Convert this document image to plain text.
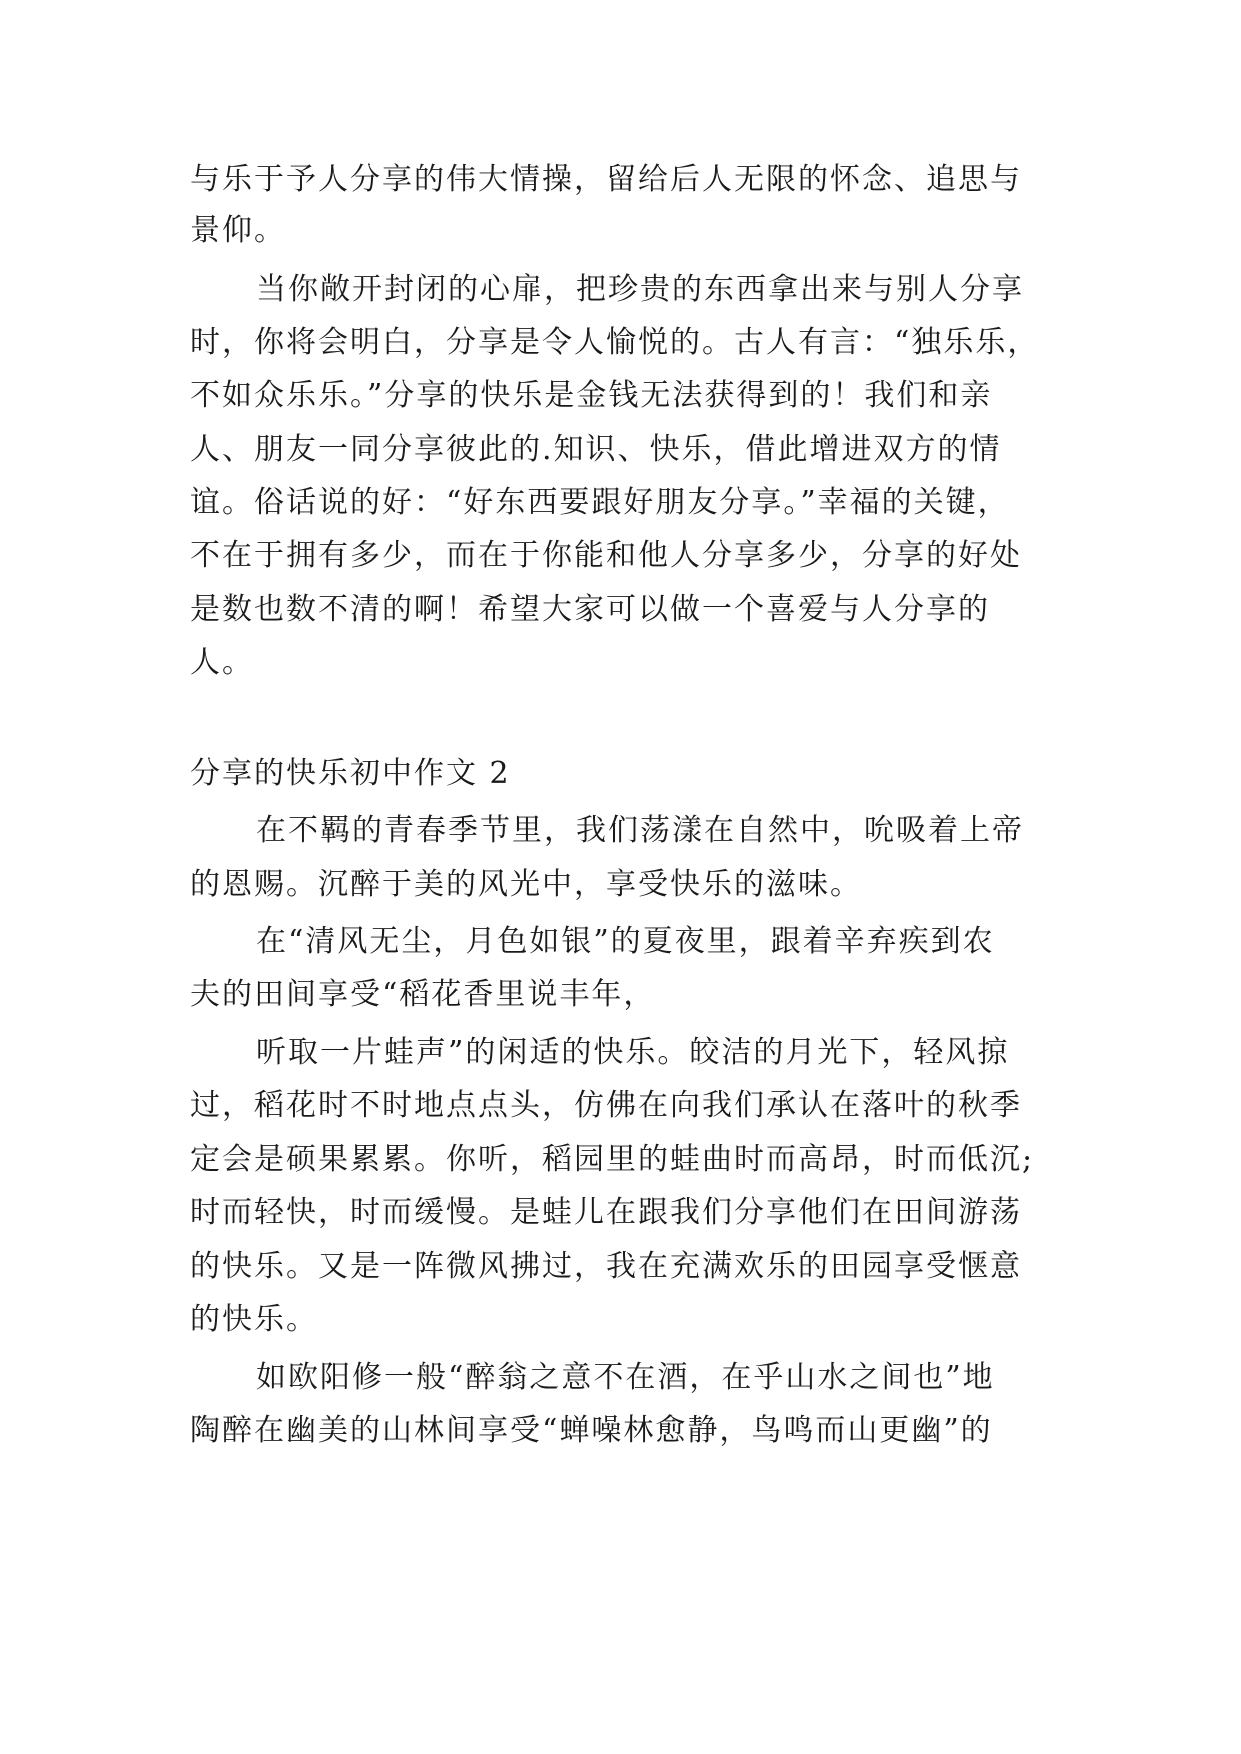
与乐于予人分享的伟大情操，留给后人无限的怀念、追思与
景仰。
当你敞开封闭的心扉，把珍贵的东西拿出来与别人分享
时，你将会明白，分享是令人愉悦的。古人有言：“独乐乐，
不如众乐乐。”分享的快乐是金钱无法获得到的！我们和亲
人、朋友一同分享彼此的.知识、快乐，借此增进双方的情
谊。俗话说的好：“好东西要跟好朋友分享。”幸福的关键，
不在于拥有多少，而在于你能和他人分享多少，分享的好处
是数也数不清的啊！希望大家可以做一个喜爱与人分享的
人。
分享的快乐初中作文 2
在不羁的青春季节里，我们荡漾在自然中，吮吸着上帝
的恩赐。沉醉于美的风光中，享受快乐的滋味。
在“清风无尘，月色如银”的夏夜里，跟着辛弃疾到农
夫的田间享受“稻花香里说丰年，
听取一片蛙声”的闲适的快乐。皎洁的月光下，轻风掠
过，稻花时不时地点点头，仿佛在向我们承认在落叶的秋季
定会是硕果累累。你听，稻园里的蛙曲时而高昂，时而低沉;
时而轻快，时而缓慢。是蛙儿在跟我们分享他们在田间游荡
的快乐。又是一阵微风拂过，我在充满欢乐的田园享受惬意
的快乐。
如欧阳修一般“醉翁之意不在酒，在乎山水之间也”地
陶醉在幽美的山林间享受“蝉噪林愈静，鸟鸣而山更幽”的
